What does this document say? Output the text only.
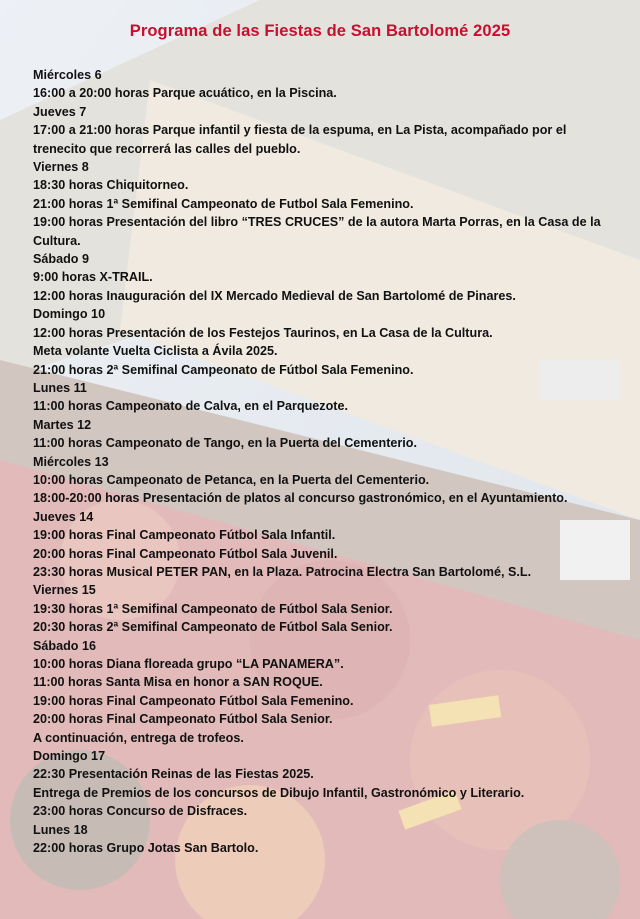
Programa de las Fiestas de San Bartolomé 2025
Miércoles 6
16:00 a 20:00 horas Parque acuático, en la Piscina.
Jueves 7
17:00 a 21:00 horas Parque infantil y fiesta de la espuma, en La Pista, acompañado por el trenecito que recorrerá las calles del pueblo.
Viernes 8
18:30 horas Chiquitorneo.
21:00 horas 1ª Semifinal Campeonato de Futbol Sala Femenino.
19:00 horas Presentación del libro “TRES CRUCES” de la autora Marta Porras, en la Casa de la Cultura.
Sábado 9
9:00 horas X-TRAIL.
12:00 horas Inauguración del IX Mercado Medieval de San Bartolomé de Pinares.
Domingo 10
12:00 horas Presentación de los Festejos Taurinos, en La Casa de la Cultura.
Meta volante Vuelta Ciclista a Ávila 2025.
21:00 horas 2ª Semifinal Campeonato de Fútbol Sala Femenino.
Lunes 11
11:00 horas Campeonato de Calva, en el Parquezote.
Martes 12
11:00 horas Campeonato de Tango, en la Puerta del Cementerio.
Miércoles 13
10:00 horas Campeonato de Petanca, en la Puerta del Cementerio.
18:00-20:00 horas Presentación de platos al concurso gastronómico, en el Ayuntamiento.
Jueves 14
19:00 horas Final Campeonato Fútbol Sala Infantil.
20:00 horas Final Campeonato Fútbol Sala Juvenil.
23:30 horas Musical PETER PAN, en la Plaza. Patrocina Electra San Bartolomé, S.L.
Viernes 15
19:30 horas 1ª Semifinal Campeonato de Fútbol Sala Senior.
20:30 horas 2ª Semifinal Campeonato de Fútbol Sala Senior.
Sábado 16
10:00 horas Diana floreada grupo “LA PANAMERA”.
11:00 horas Santa Misa en honor a SAN ROQUE.
19:00 horas Final Campeonato Fútbol Sala Femenino.
20:00 horas Final Campeonato Fútbol Sala Senior.
A continuación, entrega de trofeos.
Domingo 17
22:30 Presentación Reinas de las Fiestas 2025.
Entrega de Premios de los concursos de Dibujo Infantil, Gastronómico y Literario.
23:00 horas Concurso de Disfraces.
Lunes 18
22:00 horas Grupo Jotas San Bartolo.
